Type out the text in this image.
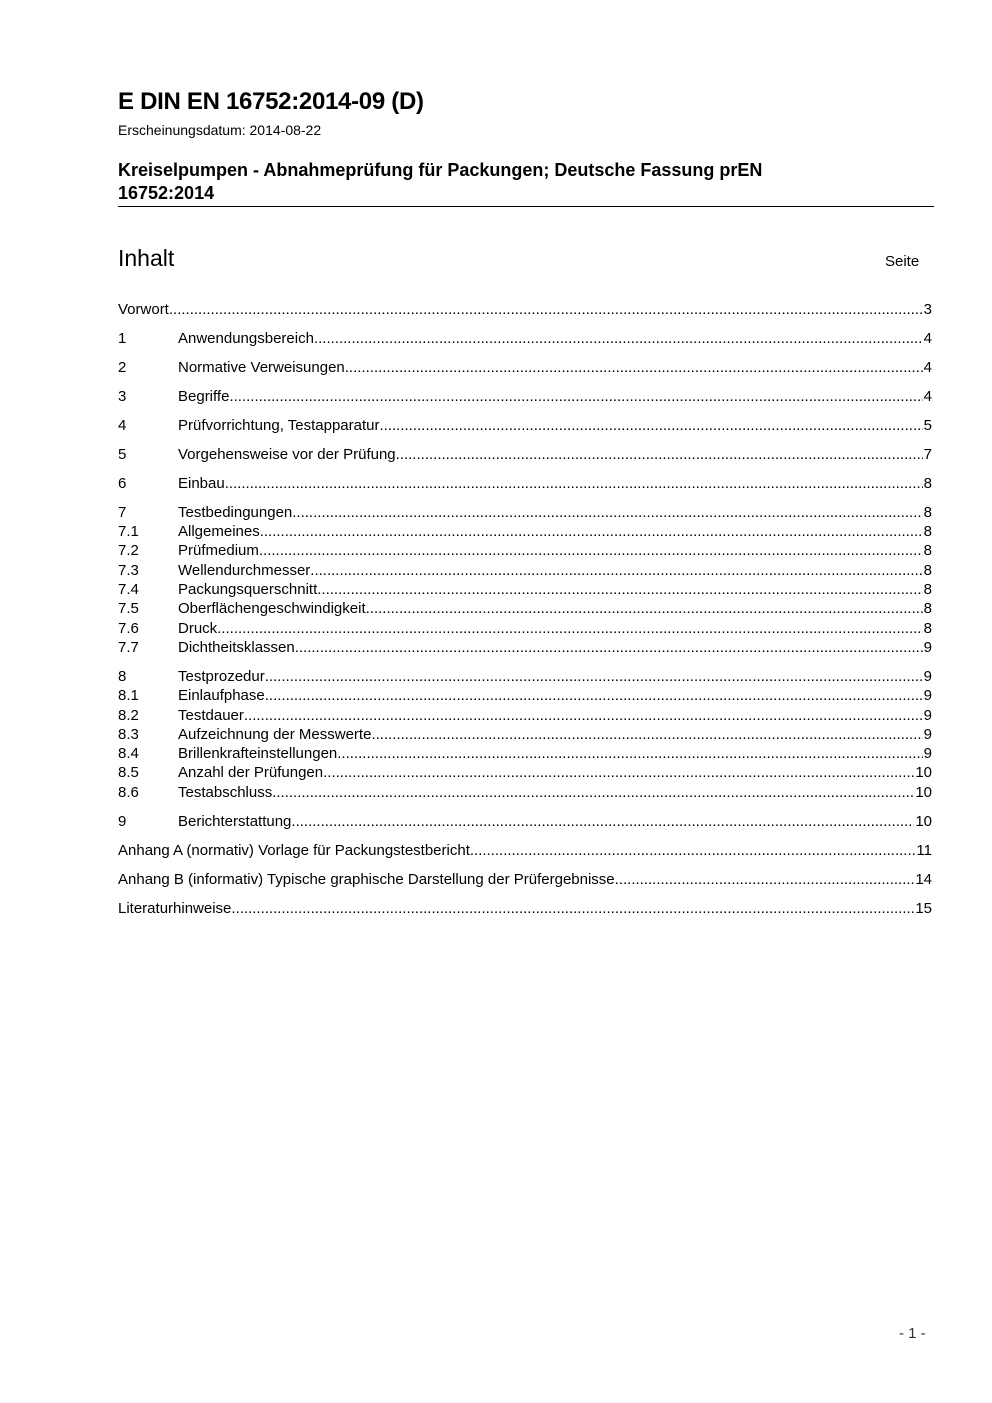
E DIN EN 16752:2014-09 (D)
Erscheinungsdatum: 2014-08-22
Kreiselpumpen - Abnahmeprüfung für Packungen; Deutsche Fassung prEN 16752:2014
Inhalt	Seite
Vorwort .....	3
1	Anwendungsbereich .....	4
2	Normative Verweisungen .....	4
3	Begriffe .....	4
4	Prüfvorrichtung, Testapparatur .....	5
5	Vorgehensweise vor der Prüfung .....	7
6	Einbau .....	8
7	Testbedingungen .....	8
7.1	Allgemeines .....	8
7.2	Prüfmedium .....	8
7.3	Wellendurchmesser .....	8
7.4	Packungsquerschnitt .....	8
7.5	Oberflächengeschwindigkeit .....	8
7.6	Druck .....	8
7.7	Dichtheitsklassen .....	9
8	Testprozedur .....	9
8.1	Einlaufphase .....	9
8.2	Testdauer .....	9
8.3	Aufzeichnung der Messwerte .....	9
8.4	Brillenkrafteinstellungen .....	9
8.5	Anzahl der Prüfungen .....	10
8.6	Testabschluss .....	10
9	Berichterstattung .....	10
Anhang A (normativ) Vorlage für Packungstestbericht .....	11
Anhang B (informativ) Typische graphische Darstellung der Prüfergebnisse .....	14
Literaturhinweise .....	15
- 1 -
